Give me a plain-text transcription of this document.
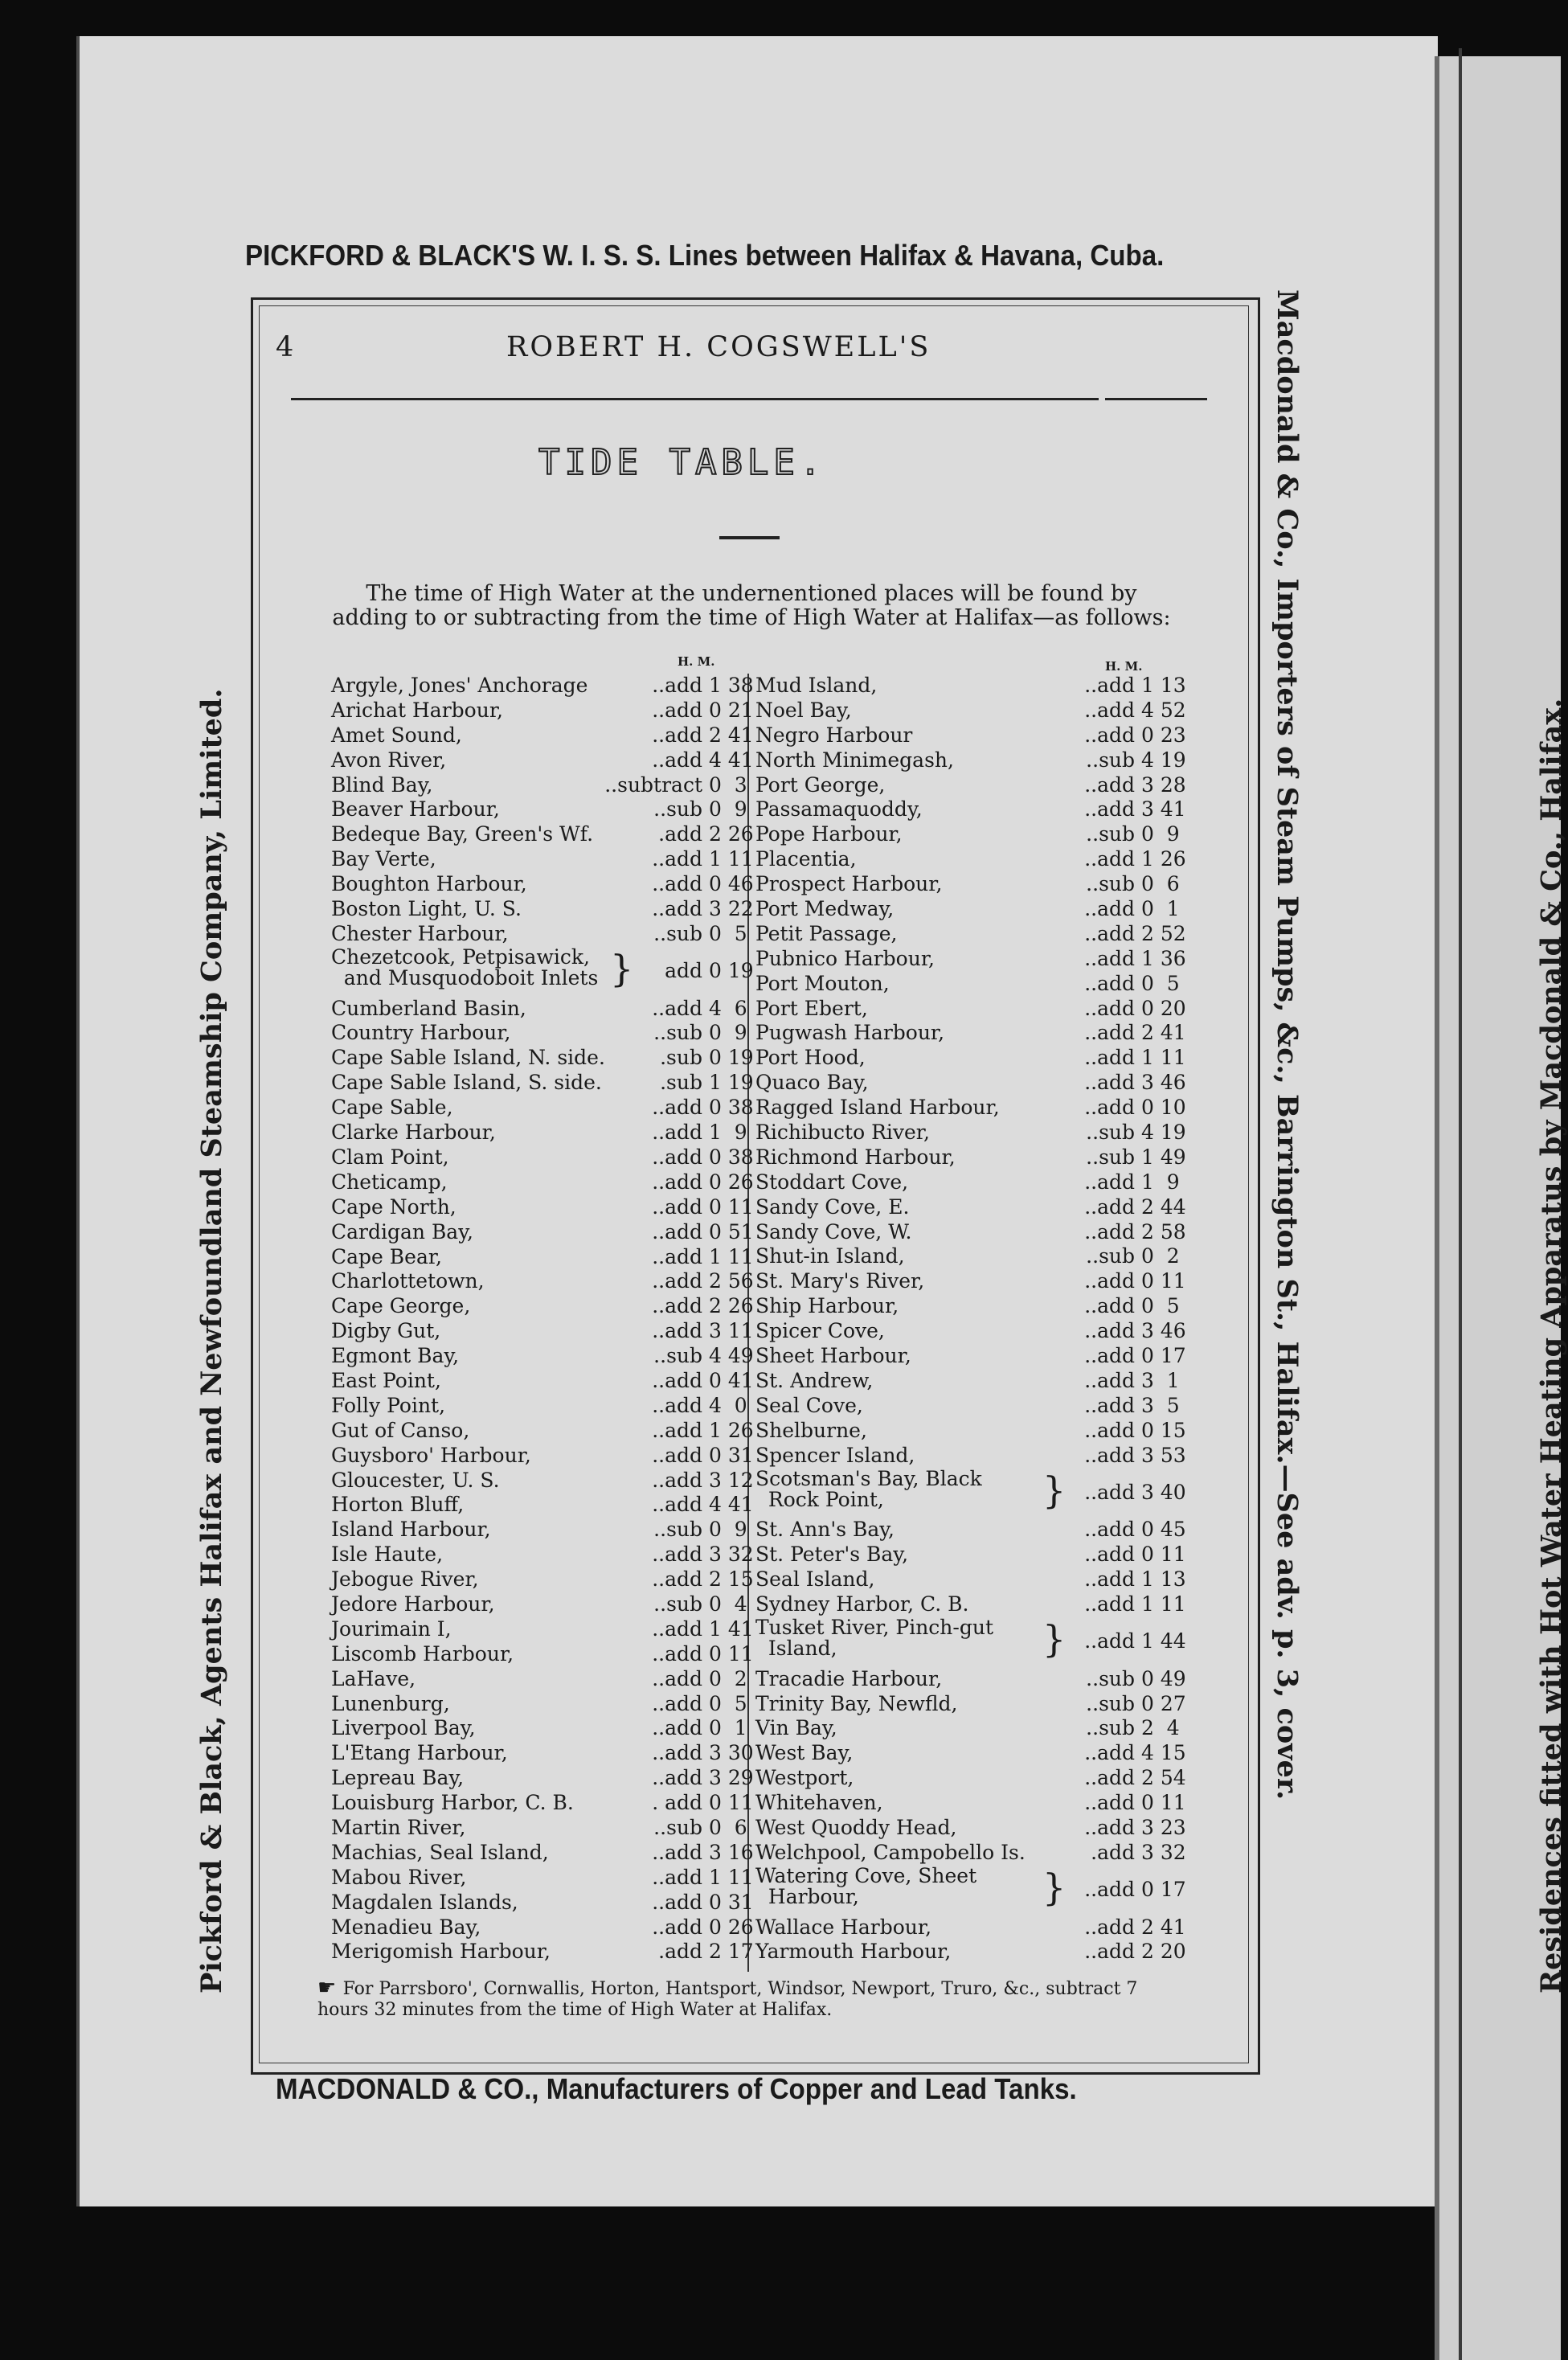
PICKFORD & BLACK'S W. I. S. S. Lines between Halifax & Havana, Cuba.
Pickford & Black, Agents Halifax and Newfoundland Steamship Company, Limited.	Macdonald & Co., Importers of Steam Pumps, &c., Barrington St., Halifax.—See adv. p. 3, cover.	Residences fitted with Hot Water Heating Apparatus by Macdonald & Co., Halifax.
MACDONALD & CO., Manufacturers of Copper and Lead Tanks.
4	ROBERT H. COGSWELL'S
TIDE TABLE.
The time of High Water at the undernentioned places will be found by adding to or subtracting from the time of High Water at Halifax—as follows:
H. M.	H. M.
Argyle, Jones' Anchorage	..add 1 38
Arichat Harbour,	..add 0 21
Amet Sound,	..add 2 41
Avon River,	..add 4 41
Blind Bay,	..subtract 0  3
Beaver Harbour,	..sub 0  9
Bedeque Bay, Green's Wf.	.add 2 26
Bay Verte,	..add 1 11
Boughton Harbour,	..add 0 46
Boston Light, U. S.	..add 3 22
Chester Harbour,	..sub 0  5
Chezetcook, Petpisawick,
and Musquodoboit Inlets } add 0 19
Cumberland Basin,	..add 4  6
Country Harbour,	..sub 0  9
Cape Sable Island, N. side.	.sub 0 19
Cape Sable Island, S. side.	.sub 1 19
Cape Sable,	..add 0 38
Clarke Harbour,	..add 1  9
Clam Point,	..add 0 38
Cheticamp,	..add 0 26
Cape North,	..add 0 11
Cardigan Bay,	..add 0 51
Cape Bear,	..add 1 11
Charlottetown,	..add 2 56
Cape George,	..add 2 26
Digby Gut,	..add 3 11
Egmont Bay,	..sub 4 49
East Point,	..add 0 41
Folly Point,	..add 4  0
Gut of Canso,	..add 1 26
Guysboro' Harbour,	..add 0 31
Gloucester, U. S.	..add 3 12
Horton Bluff,	..add 4 41
Island Harbour,	..sub 0  9
Isle Haute,	..add 3 32
Jebogue River,	..add 2 15
Jedore Harbour,	..sub 0  4
Jourimain I,	..add 1 41
Liscomb Harbour,	..add 0 11
LaHave,	..add 0  2
Lunenburg,	..add 0  5
Liverpool Bay,	..add 0  1
L'Etang Harbour,	..add 3 30
Lepreau Bay,	..add 3 29
Louisburg Harbor, C. B.	. add 0 11
Martin River,	..sub 0  6
Machias, Seal Island,	..add 3 16
Mabou River,	..add 1 11
Magdalen Islands,	..add 0 31
Menadieu Bay,	..add 0 26
Merigomish Harbour,	.add 2 17
Mud Island,	..add 1 13
Noel Bay,	..add 4 52
Negro Harbour	..add 0 23
North Minimegash,	..sub 4 19
Port George,	..add 3 28
Passamaquoddy,	..add 3 41
Pope Harbour,	..sub 0  9
Placentia,	..add 1 26
Prospect Harbour,	..sub 0  6
Port Medway,	..add 0  1
Petit Passage,	..add 2 52
Pubnico Harbour,	..add 1 36
Port Mouton,	..add 0  5
Port Ebert,	..add 0 20
Pugwash Harbour,	..add 2 41
Port Hood,	..add 1 11
Quaco Bay,	..add 3 46
Ragged Island Harbour,	..add 0 10
Richibucto River,	..sub 4 19
Richmond Harbour,	..sub 1 49
Stoddart Cove,	..add 1  9
Sandy Cove, E.	..add 2 44
Sandy Cove, W.	..add 2 58
Shut-in Island,	..sub 0  2
St. Mary's River,	..add 0 11
Ship Harbour,	..add 0  5
Spicer Cove,	..add 3 46
Sheet Harbour,	..add 0 17
St. Andrew,	..add 3  1
Seal Cove,	..add 3  5
Shelburne,	..add 0 15
Spencer Island,	..add 3 53
Scotsman's Bay, Black
Rock Point,	} ..add 3 40
St. Ann's Bay,	..add 0 45
St. Peter's Bay,	..add 0 11
Seal Island,	..add 1 13
Sydney Harbor, C. B.	..add 1 11
Tusket River, Pinch-gut
Island,	} ..add 1 44
Tracadie Harbour,	..sub 0 49
Trinity Bay, Newfld,	..sub 0 27
Vin Bay,	..sub 2  4
West Bay,	..add 4 15
Westport,	..add 2 54
Whitehaven,	..add 0 11
West Quoddy Head,	..add 3 23
Welchpool, Campobello Is.	.add 3 32
Watering Cove, Sheet
Harbour,	} ..add 0 17
Wallace Harbour,	..add 2 41
Yarmouth Harbour,	..add 2 20
☛ For Parrsboro', Cornwallis, Horton, Hantsport, Windsor, Newport, Truro, &c., subtract 7 hours 32 minutes from the time of High Water at Halifax.
